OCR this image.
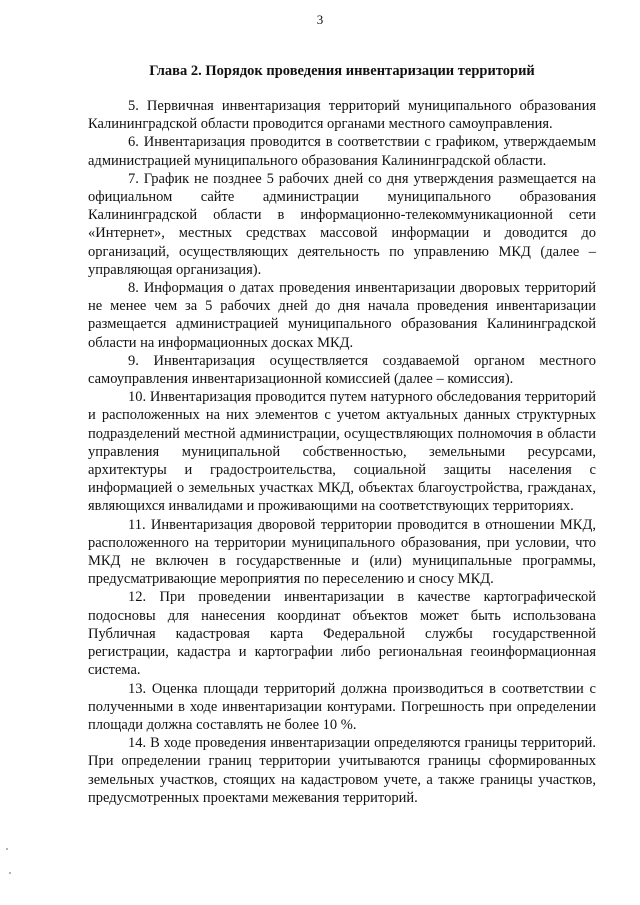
3
Глава 2. Порядок проведения инвентаризации территорий

5. Первичная инвентаризация территорий муниципального образования Калининградской области проводится органами местного самоуправления.

6. Инвентаризация проводится в соответствии с графиком, утверждаемым администрацией муниципального образования Калининградской области.

7. График не позднее 5 рабочих дней со дня утверждения размещается на официальном сайте администрации муниципального образования Калининградской области в информационно-телекоммуникационной сети «Интернет», местных средствах массовой информации и доводится до организаций, осуществляющих деятельность по управлению МКД (далее – управляющая организация).

8. Информация о датах проведения инвентаризации дворовых территорий не менее чем за 5 рабочих дней до дня начала проведения инвентаризации размещается администрацией муниципального образования Калининградской области на информационных досках МКД.

9. Инвентаризация осуществляется создаваемой органом местного самоуправления инвентаризационной комиссией (далее – комиссия).

10. Инвентаризация проводится путем натурного обследования территорий и расположенных на них элементов с учетом актуальных данных структурных подразделений местной администрации, осуществляющих полномочия в области управления муниципальной собственностью, земельными ресурсами, архитектуры и градостроительства, социальной защиты населения с информацией о земельных участках МКД, объектах благоустройства, гражданах, являющихся инвалидами и проживающими на соответствующих территориях.

11. Инвентаризация дворовой территории проводится в отношении МКД, расположенного на территории муниципального образования, при условии, что МКД не включен в государственные и (или) муниципальные программы, предусматривающие мероприятия по переселению и сносу МКД.

12. При проведении инвентаризации в качестве картографической подосновы для нанесения координат объектов может быть использована Публичная кадастровая карта Федеральной службы государственной регистрации, кадастра и картографии либо региональная геоинформационная система.

13. Оценка площади территорий должна производиться в соответствии с полученными в ходе инвентаризации контурами. Погрешность при определении площади должна составлять не более 10 %.

14. В ходе проведения инвентаризации определяются границы территорий. При определении границ территории учитываются границы сформированных земельных участков, стоящих на кадастровом учете, а также границы участков, предусмотренных проектами межевания территорий.
